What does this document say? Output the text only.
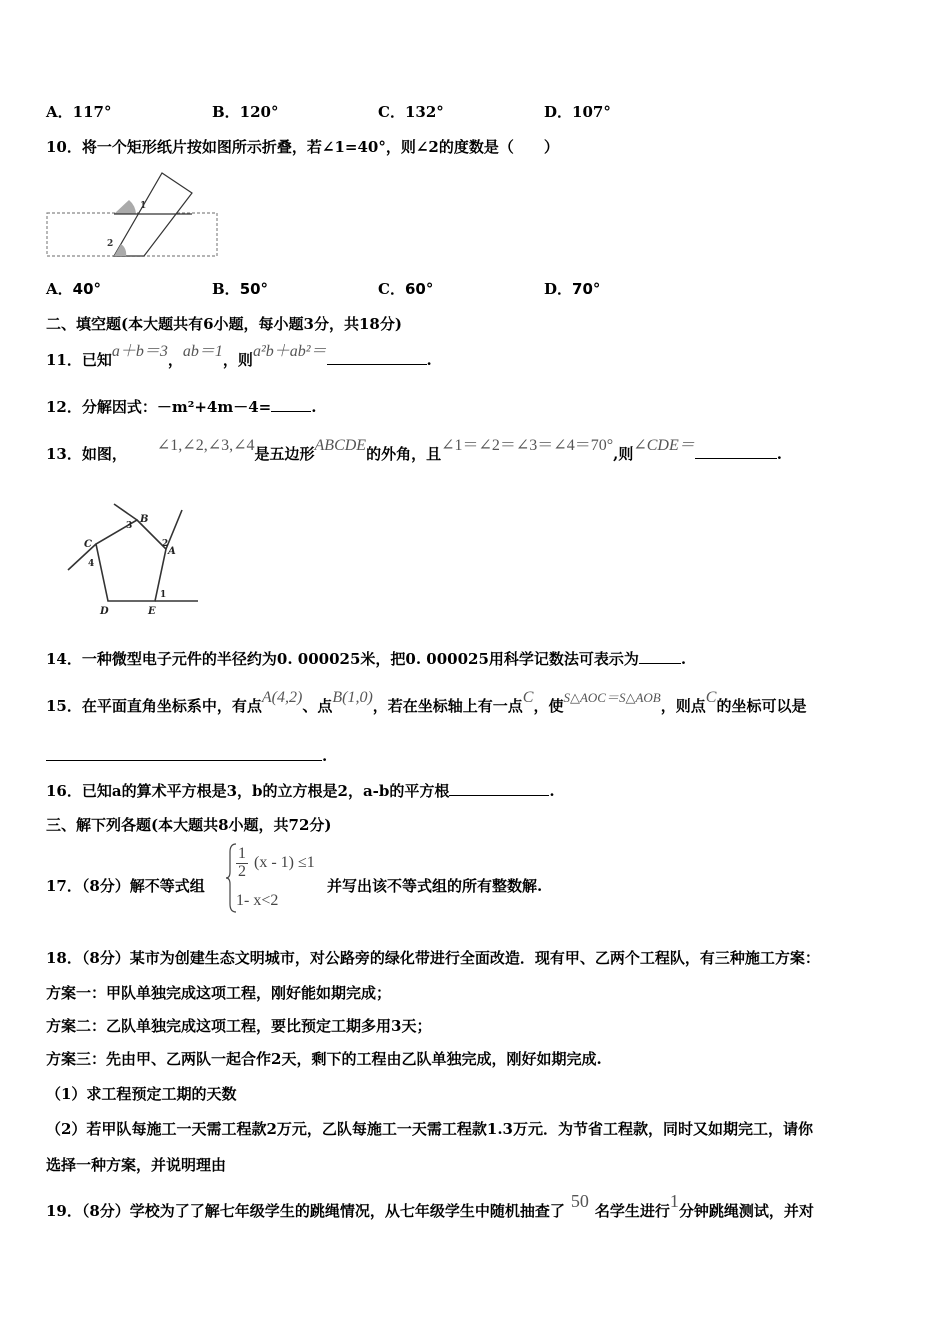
A．117°	B．120°	C．132°	D．107°
10．将一个矩形纸片按如图所示折叠，若∠1=40°，则∠2的度数是（　　）
1
2
A．40°	B．50°	C．60°	D．70°
二、填空题(本大题共有6小题，每小题3分，共18分)
11．已知a＋b＝3，ab＝1，则a²b＋ab²＝	.
12．分解因式：－m²+4m－4=	.
13．如图， ∠1,∠2,∠3,∠4是五边形ABCDE的外角，且∠1＝∠2＝∠3＝∠4＝70°,则∠CDE＝	.
B
3
2
A
C
4
D	E
1
14．一种微型电子元件的半径约为0. 000025米，把0. 000025用科学记数法可表示为	.
15．在平面直角坐标系中，有点A(4,2)、点B(1,0)，若在坐标轴上有一点C，使S△AOC＝S△AOB，则点C的坐标可以是
.
16．已知a的算术平方根是3，b的立方根是2，a-b的平方根	.
三、解下列各题(本大题共8小题，共72分)
17．（8分）解不等式组
1
2
(x - 1) ≤1
1- x<2
并写出该不等式组的所有整数解.
18．（8分）某市为创建生态文明城市，对公路旁的绿化带进行全面改造．现有甲、乙两个工程队，有三种施工方案：
方案一：甲队单独完成这项工程，刚好能如期完成；
方案二：乙队单独完成这项工程，要比预定工期多用3天；
方案三：先由甲、乙两队一起合作2天，剩下的工程由乙队单独完成，刚好如期完成.
（1）求工程预定工期的天数
（2）若甲队每施工一天需工程款2万元，乙队每施工一天需工程款1.3万元．为节省工程款，同时又如期完工，请你
选择一种方案，并说明理由
19．（8分）学校为了了解七年级学生的跳绳情况，从七年级学生中随机抽查了 50 名学生进行1分钟跳绳测试，并对
